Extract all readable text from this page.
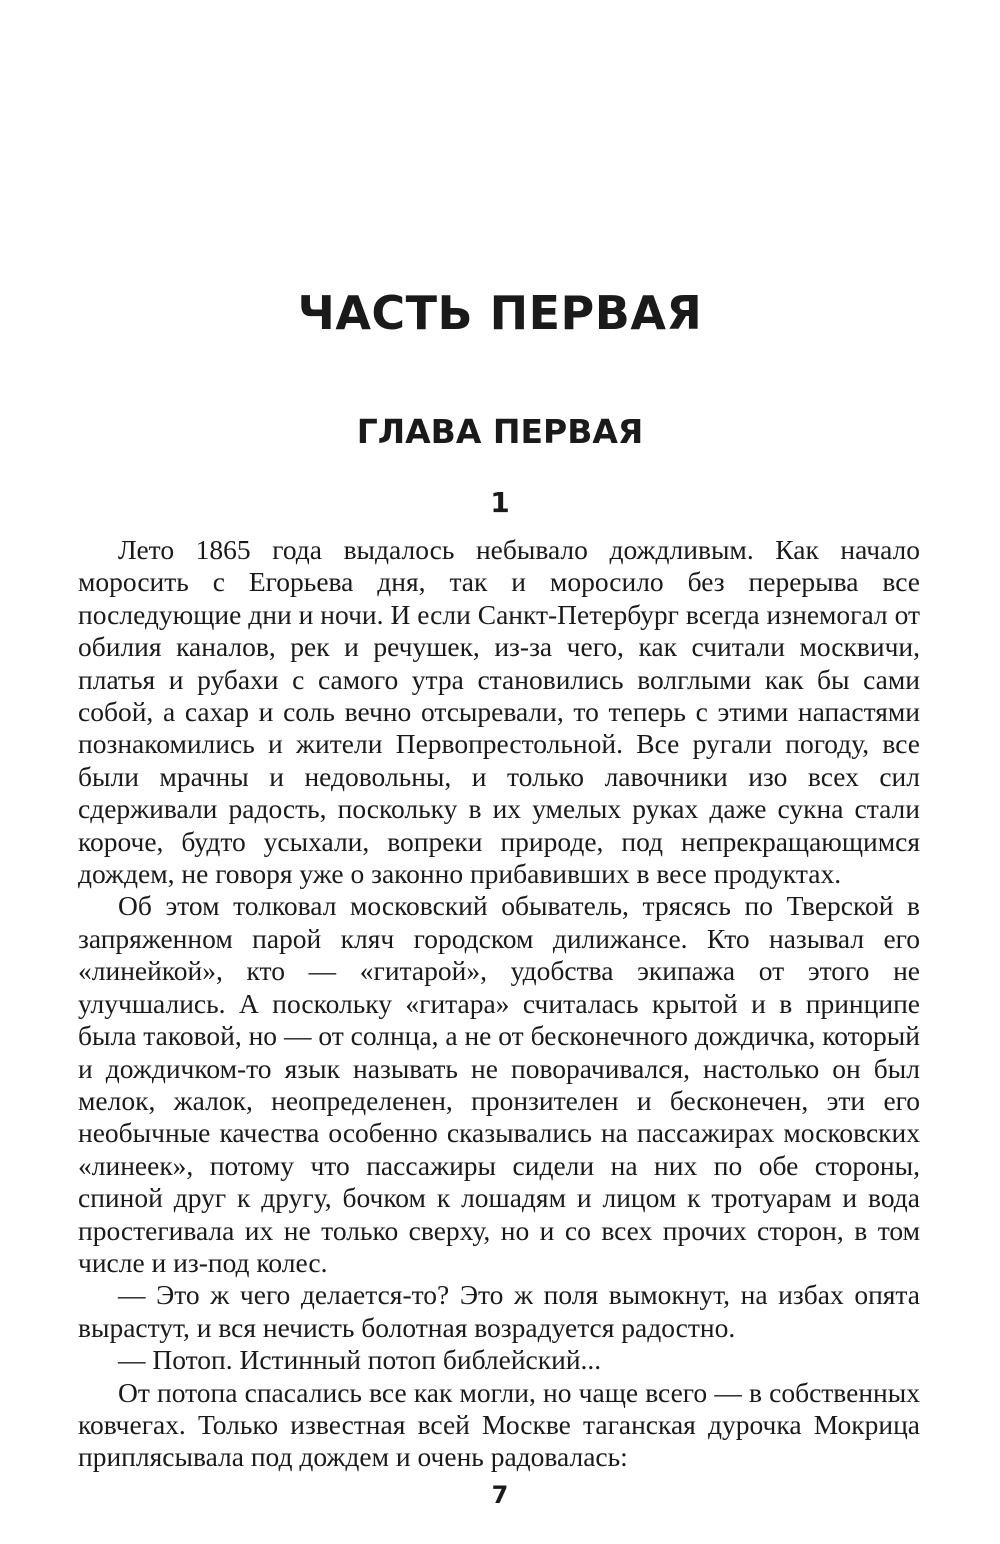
ЧАСТЬ ПЕРВАЯ
ГЛАВА ПЕРВАЯ
1

Лето 1865 года выдалось небывало дождливым. Как начало моросить с Егорьева дня, так и моросило без перерыва все последующие дни и ночи. И если Санкт-Петербург всегда изнемогал от обилия каналов, рек и речушек, из-за чего, как считали москвичи, платья и рубахи с самого утра становились волглыми как бы сами собой, а сахар и соль вечно отсыревали, то теперь с этими напастями познакомились и жители Первопрестольной. Все ругали погоду, все были мрачны и недовольны, и только лавочники изо всех сил сдерживали радость, поскольку в их умелых руках даже сукна стали короче, будто усыхали, вопреки природе, под непрекращающимся дождем, не говоря уже о законно прибавивших в весе продуктах.

Об этом толковал московский обыватель, трясясь по Тверской в запряженном парой кляч городском дилижансе. Кто называл его «линейкой», кто — «гитарой», удобства экипажа от этого не улучшались. А поскольку «гитара» считалась крытой и в принципе была таковой, но — от солнца, а не от бесконечного дождичка, который и дождичком-то язык называть не поворачивался, настолько он был мелок, жалок, неопределенен, пронзителен и бесконечен, эти его необычные качества особенно сказывались на пассажирах московских «линеек», потому что пассажиры сидели на них по обе стороны, спиной друг к другу, бочком к лошадям и лицом к тротуарам и вода простегивала их не только сверху, но и со всех прочих сторон, в том числе и из-под колес.

— Это ж чего делается-то? Это ж поля вымокнут, на избах опята вырастут, и вся нечисть болотная возрадуется радостно.

— Потоп. Истинный потоп библейский...

От потопа спасались все как могли, но чаще всего — в собственных ковчегах. Только известная всей Москве таганская дурочка Мокрица приплясывала под дождем и очень радовалась:

7
